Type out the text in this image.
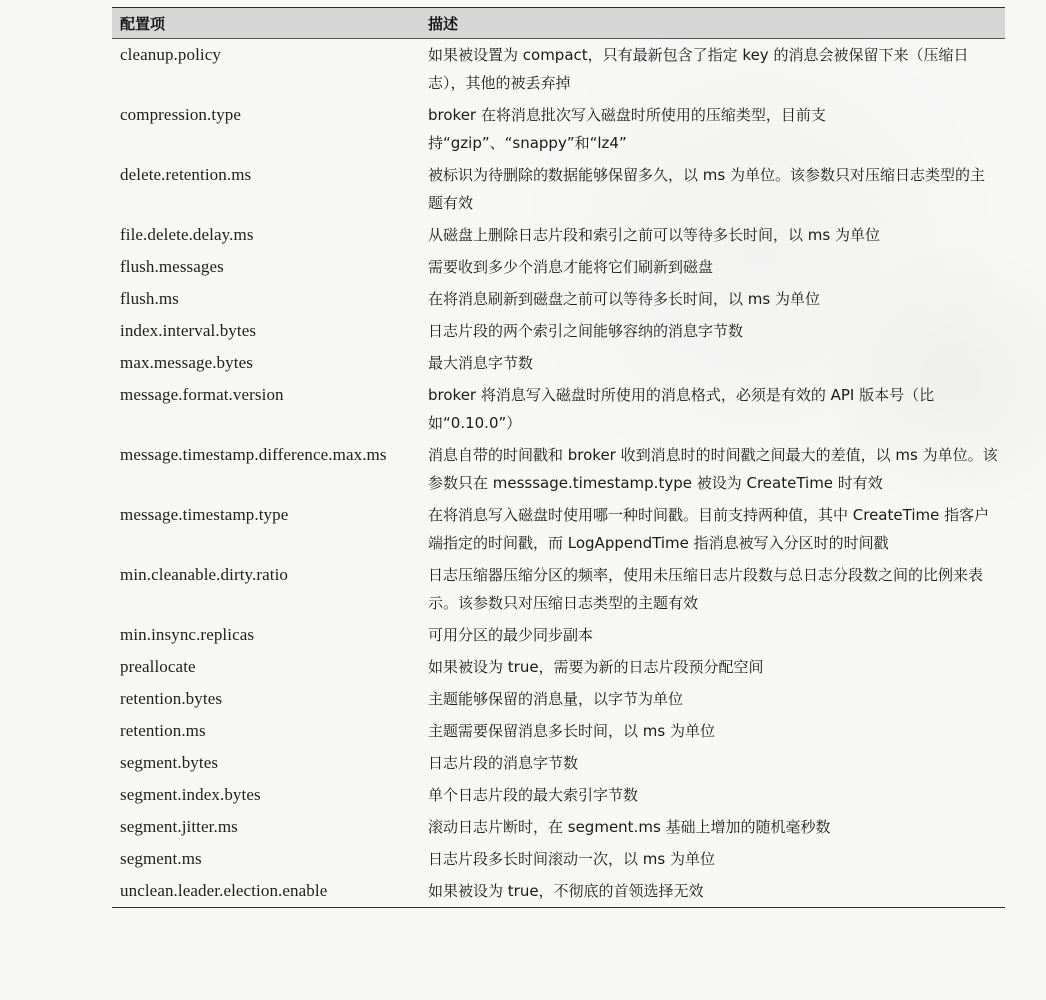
配置项	描述
cleanup.policy	如果被设置为 compact，只有最新包含了指定 key 的消息会被保留下来（压缩日志），其他的被丢弃掉
compression.type	broker 在将消息批次写入磁盘时所使用的压缩类型，目前支持“gzip”、“snappy”和“lz4”
delete.retention.ms	被标识为待删除的数据能够保留多久，以 ms 为单位。该参数只对压缩日志类型的主题有效
file.delete.delay.ms	从磁盘上删除日志片段和索引之前可以等待多长时间，以 ms 为单位
flush.messages	需要收到多少个消息才能将它们刷新到磁盘
flush.ms	在将消息刷新到磁盘之前可以等待多长时间，以 ms 为单位
index.interval.bytes	日志片段的两个索引之间能够容纳的消息字节数
max.message.bytes	最大消息字节数
message.format.version	broker 将消息写入磁盘时所使用的消息格式，必须是有效的 API 版本号（比如“0.10.0”）
message.timestamp.difference.max.ms	消息自带的时间戳和 broker 收到消息时的时间戳之间最大的差值，以 ms 为单位。该参数只在 messsage.timestamp.type 被设为 CreateTime 时有效
message.timestamp.type	在将消息写入磁盘时使用哪一种时间戳。目前支持两种值，其中 CreateTime 指客户端指定的时间戳，而 LogAppendTime 指消息被写入分区时的时间戳
min.cleanable.dirty.ratio	日志压缩器压缩分区的频率，使用未压缩日志片段数与总日志分段数之间的比例来表示。该参数只对压缩日志类型的主题有效
min.insync.replicas	可用分区的最少同步副本
preallocate	如果被设为 true，需要为新的日志片段预分配空间
retention.bytes	主题能够保留的消息量，以字节为单位
retention.ms	主题需要保留消息多长时间，以 ms 为单位
segment.bytes	日志片段的消息字节数
segment.index.bytes	单个日志片段的最大索引字节数
segment.jitter.ms	滚动日志片断时，在 segment.ms 基础上增加的随机毫秒数
segment.ms	日志片段多长时间滚动一次，以 ms 为单位
unclean.leader.election.enable	如果被设为 true，不彻底的首领选择无效
